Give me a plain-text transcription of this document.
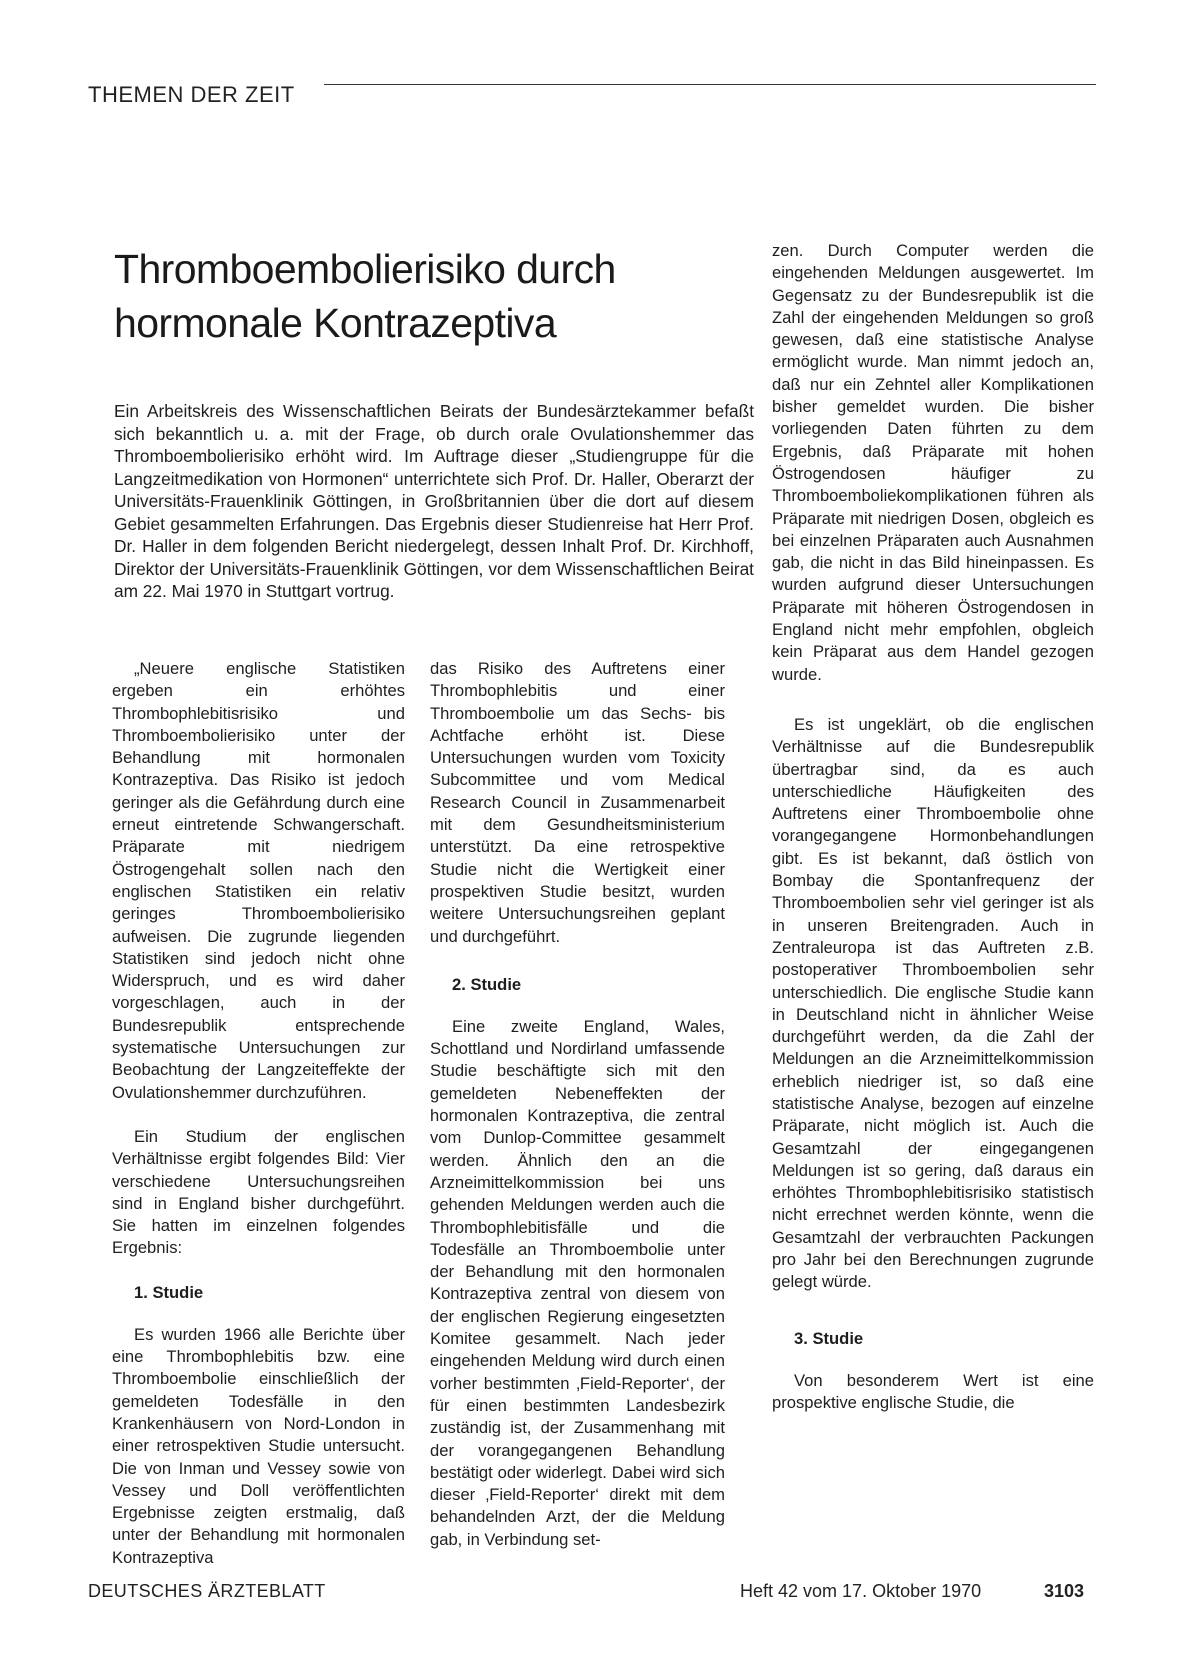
THEMEN DER ZEIT
Thromboembolierisiko durch hormonale Kontrazeptiva

Ein Arbeitskreis des Wissenschaftlichen Beirats der Bundesärztekammer befaßt sich bekanntlich u. a. mit der Frage, ob durch orale Ovulationshemmer das Thromboembolierisiko erhöht wird. Im Auftrage dieser „Studiengruppe für die Langzeitmedikation von Hormonen“ unterrichtete sich Prof. Dr. Haller, Oberarzt der Universitäts-Frauenklinik Göttingen, in Großbritannien über die dort auf diesem Gebiet gesammelten Erfahrungen. Das Ergebnis dieser Studienreise hat Herr Prof. Dr. Haller in dem folgenden Bericht niedergelegt, dessen Inhalt Prof. Dr. Kirchhoff, Direktor der Universitäts-Frauenklinik Göttingen, vor dem Wissenschaftlichen Beirat am 22. Mai 1970 in Stuttgart vortrug.

„Neuere englische Statistiken ergeben ein erhöhtes Thrombophlebitisrisiko und Thromboembolierisiko unter der Behandlung mit hormonalen Kontrazeptiva. Das Risiko ist jedoch geringer als die Gefährdung durch eine erneut eintretende Schwangerschaft. Präparate mit niedrigem Östrogengehalt sollen nach den englischen Statistiken ein relativ geringes Thromboembolierisiko aufweisen. Die zugrunde liegenden Statistiken sind jedoch nicht ohne Widerspruch, und es wird daher vorgeschlagen, auch in der Bundesrepublik entsprechende systematische Untersuchungen zur Beobachtung der Langzeiteffekte der Ovulationshemmer durchzuführen.

Ein Studium der englischen Verhältnisse ergibt folgendes Bild: Vier verschiedene Untersuchungsreihen sind in England bisher durchgeführt. Sie hatten im einzelnen folgendes Ergebnis:

1. Studie

Es wurden 1966 alle Berichte über eine Thrombophlebitis bzw. eine Thromboembolie einschließlich der gemeldeten Todesfälle in den Krankenhäusern von Nord-London in einer retrospektiven Studie untersucht. Die von Inman und Vessey sowie von Vessey und Doll veröffentlichten Ergebnisse zeigten erstmalig, daß unter der Behandlung mit hormonalen Kontrazeptiva

das Risiko des Auftretens einer Thrombophlebitis und einer Thromboembolie um das Sechs- bis Achtfache erhöht ist. Diese Untersuchungen wurden vom Toxicity Subcommittee und vom Medical Research Council in Zusammenarbeit mit dem Gesundheitsministerium unterstützt. Da eine retrospektive Studie nicht die Wertigkeit einer prospektiven Studie besitzt, wurden weitere Untersuchungsreihen geplant und durchgeführt.

2. Studie

Eine zweite England, Wales, Schottland und Nordirland umfassende Studie beschäftigte sich mit den gemeldeten Nebeneffekten der hormonalen Kontrazeptiva, die zentral vom Dunlop-Committee gesammelt werden. Ähnlich den an die Arzneimittelkommission bei uns gehenden Meldungen werden auch die Thrombophlebitisfälle und die Todesfälle an Thromboembolie unter der Behandlung mit den hormonalen Kontrazeptiva zentral von diesem von der englischen Regierung eingesetzten Komitee gesammelt. Nach jeder eingehenden Meldung wird durch einen vorher bestimmten ‚Field-Reporter‘, der für einen bestimmten Landesbezirk zuständig ist, der Zusammenhang mit der vorangegangenen Behandlung bestätigt oder widerlegt. Dabei wird sich dieser ‚Field-Reporter‘ direkt mit dem behandelnden Arzt, der die Meldung gab, in Verbindung set-

zen. Durch Computer werden die eingehenden Meldungen ausgewertet. Im Gegensatz zu der Bundesrepublik ist die Zahl der eingehenden Meldungen so groß gewesen, daß eine statistische Analyse ermöglicht wurde. Man nimmt jedoch an, daß nur ein Zehntel aller Komplikationen bisher gemeldet wurden. Die bisher vorliegenden Daten führten zu dem Ergebnis, daß Präparate mit hohen Östrogendosen häufiger zu Thromboemboliekomplikationen führen als Präparate mit niedrigen Dosen, obgleich es bei einzelnen Präparaten auch Ausnahmen gab, die nicht in das Bild hineinpassen. Es wurden aufgrund dieser Untersuchungen Präparate mit höheren Östrogendosen in England nicht mehr empfohlen, obgleich kein Präparat aus dem Handel gezogen wurde.

Es ist ungeklärt, ob die englischen Verhältnisse auf die Bundesrepublik übertragbar sind, da es auch unterschiedliche Häufigkeiten des Auftretens einer Thromboembolie ohne vorangegangene Hormonbehandlungen gibt. Es ist bekannt, daß östlich von Bombay die Spontanfrequenz der Thromboembolien sehr viel geringer ist als in unseren Breitengraden. Auch in Zentraleuropa ist das Auftreten z.B. postoperativer Thromboembolien sehr unterschiedlich. Die englische Studie kann in Deutschland nicht in ähnlicher Weise durchgeführt werden, da die Zahl der Meldungen an die Arzneimittelkommission erheblich niedriger ist, so daß eine statistische Analyse, bezogen auf einzelne Präparate, nicht möglich ist. Auch die Gesamtzahl der eingegangenen Meldungen ist so gering, daß daraus ein erhöhtes Thrombophlebitisrisiko statistisch nicht errechnet werden könnte, wenn die Gesamtzahl der verbrauchten Packungen pro Jahr bei den Berechnungen zugrunde gelegt würde.

3. Studie

Von besonderem Wert ist eine prospektive englische Studie, die

DEUTSCHES ÄRZTEBLATT	Heft 42 vom 17. Oktober 1970	3103
